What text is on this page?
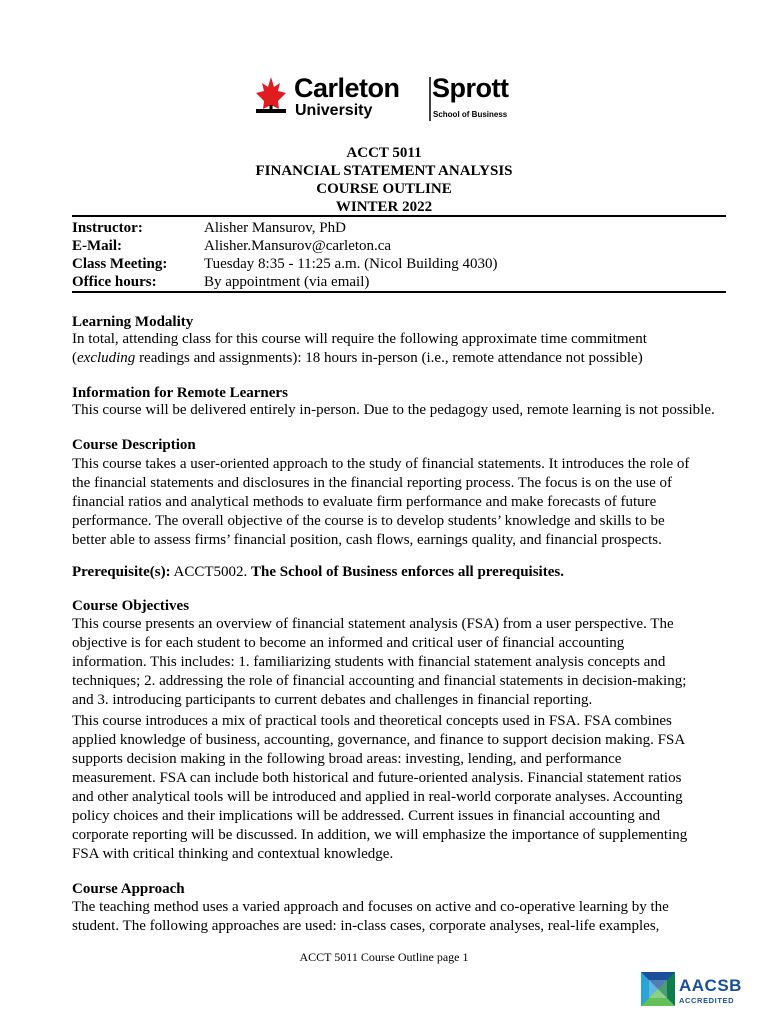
Carleton
University
Sprott
School of Business
ACCT 5011
FINANCIAL STATEMENT ANALYSIS
COURSE OUTLINE
WINTER 2022
Instructor:	Alisher Mansurov, PhD
E-Mail:	Alisher.Mansurov@carleton.ca
Class Meeting: Tuesday 8:35 - 11:25 a.m. (Nicol Building 4030)
Office hours:	By appointment (via email)
Learning Modality
In total, attending class for this course will require the following approximate time commitment
(excluding readings and assignments): 18 hours in-person (i.e., remote attendance not possible)
Information for Remote Learners
This course will be delivered entirely in-person. Due to the pedagogy used, remote learning is not possible.
Course Description
This course takes a user-oriented approach to the study of financial statements. It introduces the role of
the financial statements and disclosures in the financial reporting process. The focus is on the use of
financial ratios and analytical methods to evaluate firm performance and make forecasts of future
performance. The overall objective of the course is to develop students’ knowledge and skills to be
better able to assess firms’ financial position, cash flows, earnings quality, and financial prospects.
Prerequisite(s): ACCT5002. The School of Business enforces all prerequisites.
Course Objectives
This course presents an overview of financial statement analysis (FSA) from a user perspective. The
objective is for each student to become an informed and critical user of financial accounting
information. This includes: 1. familiarizing students with financial statement analysis concepts and
techniques; 2. addressing the role of financial accounting and financial statements in decision-making;
and 3. introducing participants to current debates and challenges in financial reporting.
This course introduces a mix of practical tools and theoretical concepts used in FSA. FSA combines
applied knowledge of business, accounting, governance, and finance to support decision making. FSA
supports decision making in the following broad areas: investing, lending, and performance
measurement. FSA can include both historical and future-oriented analysis. Financial statement ratios
and other analytical tools will be introduced and applied in real-world corporate analyses. Accounting
policy choices and their implications will be addressed. Current issues in financial accounting and
corporate reporting will be discussed. In addition, we will emphasize the importance of supplementing
FSA with critical thinking and contextual knowledge.
Course Approach
The teaching method uses a varied approach and focuses on active and co-operative learning by the
student. The following approaches are used: in-class cases, corporate analyses, real-life examples,
ACCT 5011 Course Outline page 1
AACSB
ACCREDITED
